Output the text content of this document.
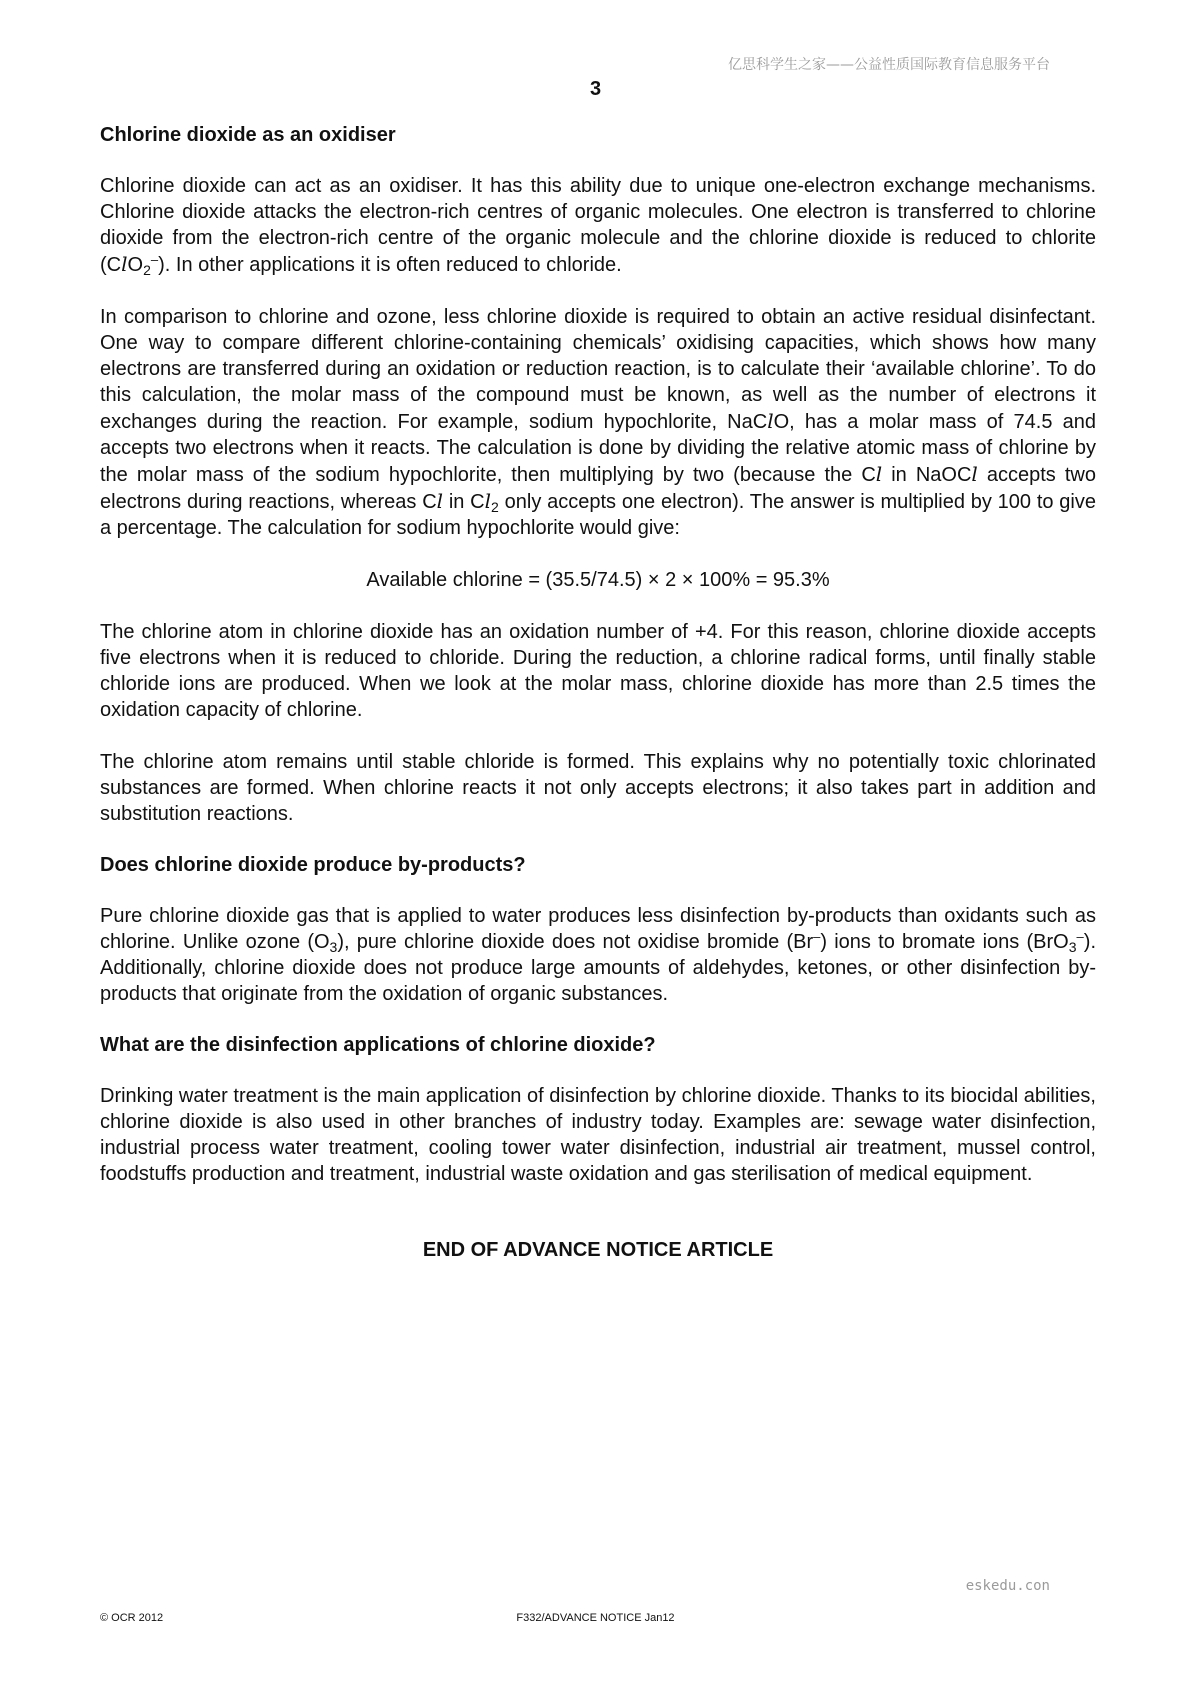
亿思科学生之家——公益性质国际教育信息服务平台
3
Chlorine dioxide as an oxidiser

Chlorine dioxide can act as an oxidiser. It has this ability due to unique one-electron exchange mechanisms. Chlorine dioxide attacks the electron-rich centres of organic molecules. One electron is transferred to chlorine dioxide from the electron-rich centre of the organic molecule and the chlorine dioxide is reduced to chlorite (ClO$_2$–). In other applications it is often reduced to chloride.

In comparison to chlorine and ozone, less chlorine dioxide is required to obtain an active residual disinfectant. One way to compare different chlorine-containing chemicals’ oxidising capacities, which shows how many electrons are transferred during an oxidation or reduction reaction, is to calculate their ‘available chlorine’. To do this calculation, the molar mass of the compound must be known, as well as the number of electrons it exchanges during the reaction. For example, sodium hypochlorite, NaClO, has a molar mass of 74.5 and accepts two electrons when it reacts. The calculation is done by dividing the relative atomic mass of chlorine by the molar mass of the sodium hypochlorite, then multiplying by two (because the Cl in NaOCl accepts two electrons during reactions, whereas Cl in $Cl_2$ only accepts one electron). The answer is multiplied by 100 to give a percentage. The calculation for sodium hypochlorite would give:

Available chlorine = (35.5/74.5) × 2 × 100% = 95.3%

The chlorine atom in chlorine dioxide has an oxidation number of +4. For this reason, chlorine dioxide accepts five electrons when it is reduced to chloride. During the reduction, a chlorine radical forms, until finally stable chloride ions are produced. When we look at the molar mass, chlorine dioxide has more than 2.5 times the oxidation capacity of chlorine.

The chlorine atom remains until stable chloride is formed. This explains why no potentially toxic chlorinated substances are formed. When chlorine reacts it not only accepts electrons; it also takes part in addition and substitution reactions.

Does chlorine dioxide produce by-products?

Pure chlorine dioxide gas that is applied to water produces less disinfection by-products than oxidants such as chlorine. Unlike ozone $(O_3)$, pure chlorine dioxide does not oxidise bromide (Br–) ions to bromate ions (BrO$_3$–). Additionally, chlorine dioxide does not produce large amounts of aldehydes, ketones, or other disinfection by-products that originate from the oxidation of organic substances.

What are the disinfection applications of chlorine dioxide?

Drinking water treatment is the main application of disinfection by chlorine dioxide. Thanks to its biocidal abilities, chlorine dioxide is also used in other branches of industry today. Examples are: sewage water disinfection, industrial process water treatment, cooling tower water disinfection, industrial air treatment, mussel control, foodstuffs production and treatment, industrial waste oxidation and gas sterilisation of medical equipment.

END OF ADVANCE NOTICE ARTICLE
eskedu.con
© OCR 2012	F332/ADVANCE NOTICE Jan12
